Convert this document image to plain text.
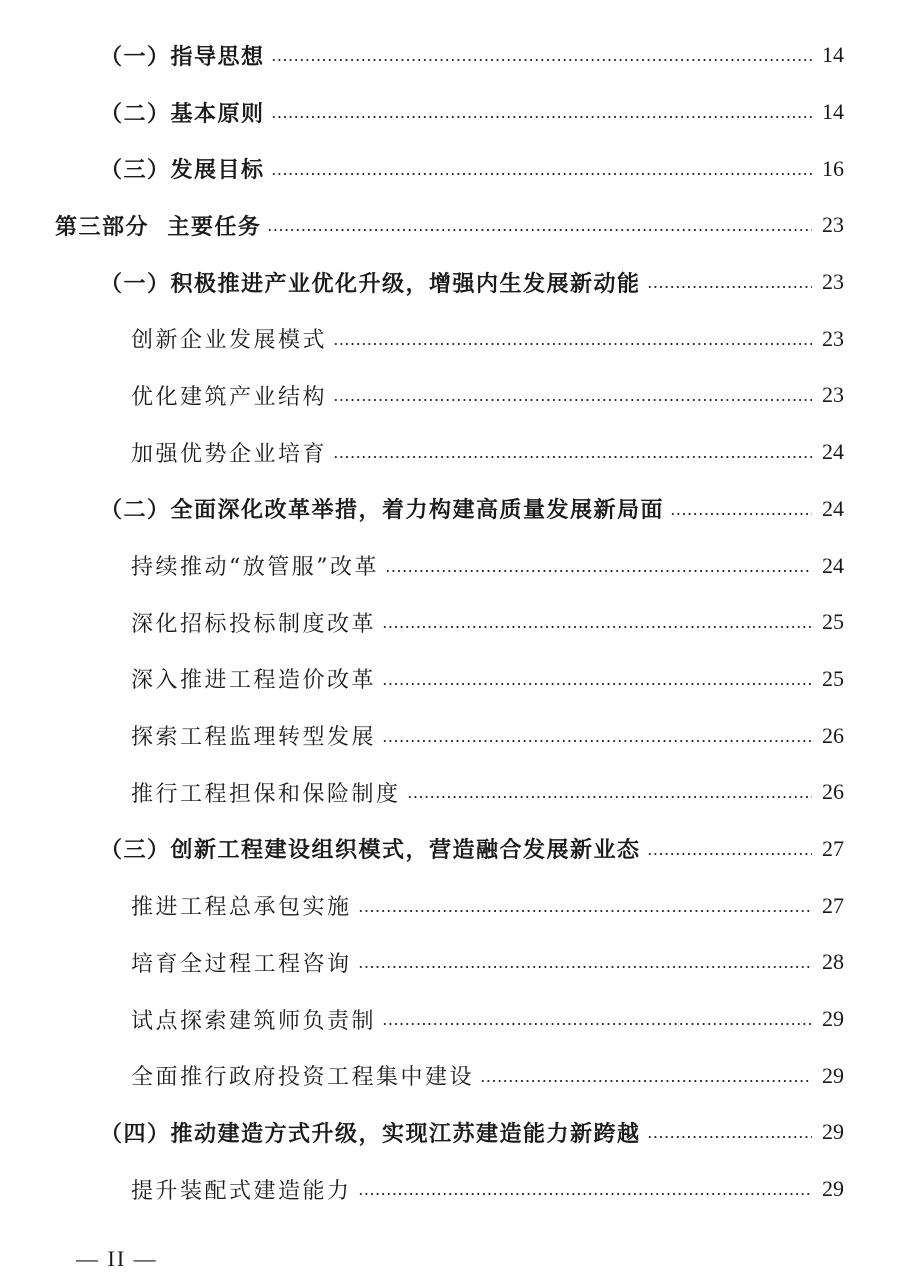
（一）指导思想	14
（二）基本原则	14
（三）发展目标	16
第三部分  主要任务	23
（一）积极推进产业优化升级，增强内生发展新动能	23
创新企业发展模式	23
优化建筑产业结构	23
加强优势企业培育	24
（二）全面深化改革举措，着力构建高质量发展新局面	24
持续推动“放管服”改革	24
深化招标投标制度改革	25
深入推进工程造价改革	25
探索工程监理转型发展	26
推行工程担保和保险制度	26
（三）创新工程建设组织模式，营造融合发展新业态	27
推进工程总承包实施	27
培育全过程工程咨询	28
试点探索建筑师负责制	29
全面推行政府投资工程集中建设	29
（四）推动建造方式升级，实现江苏建造能力新跨越	29
提升装配式建造能力	29
— II —
